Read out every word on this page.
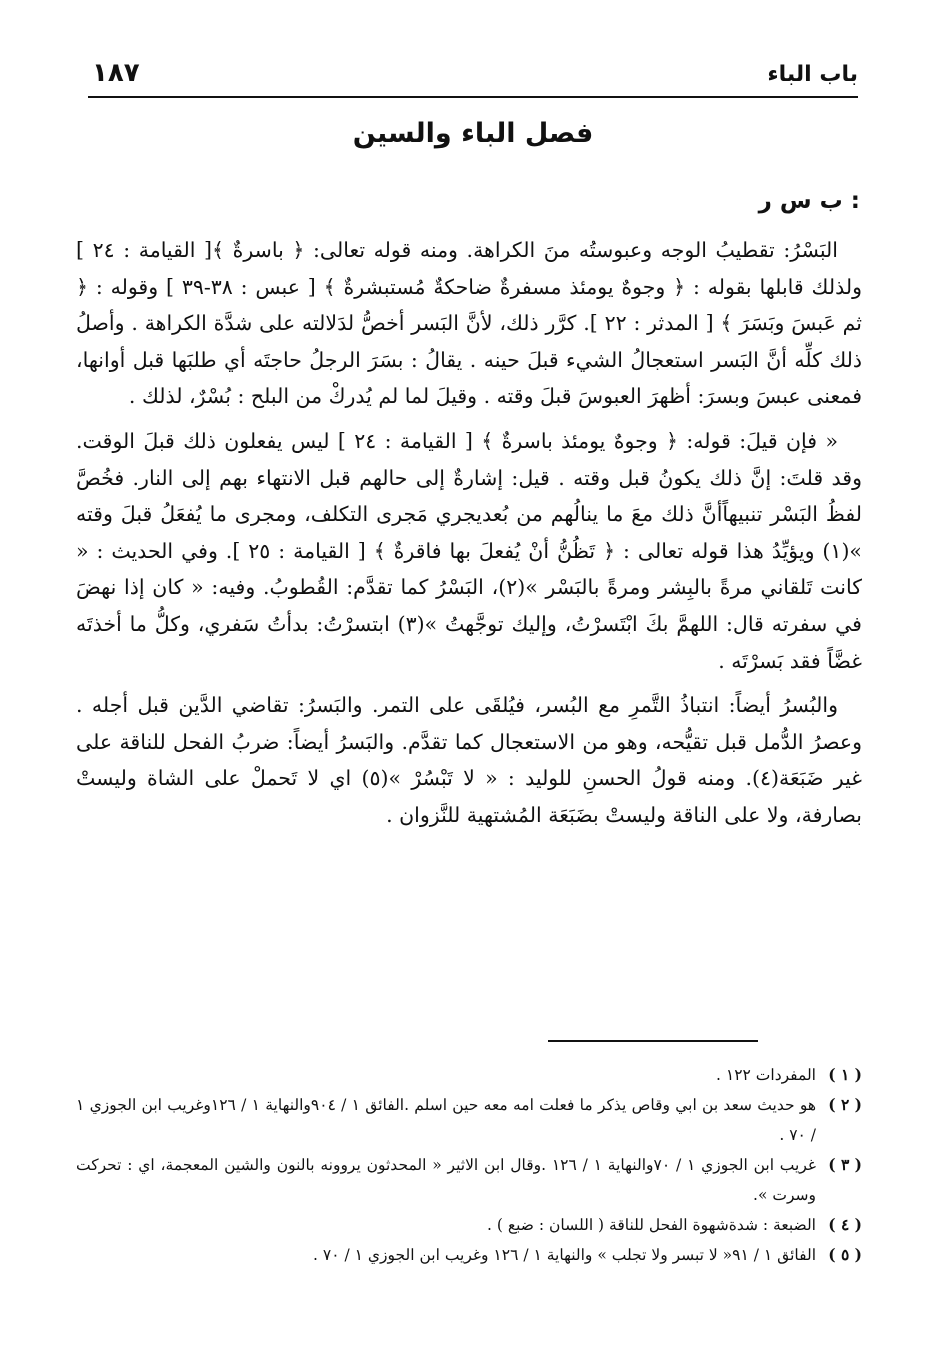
١٨٧	باب الباء
فصل الباء والسين
ب س ر :

البَسْرُ: تقطيبُ الوجه وعبوستُه منَ الكراهة. ومنه قوله تعالى: ﴿ باسرةٌ ﴾[ القيامة : ٢٤ ] ولذلك قابلها بقوله : ﴿ وجوهٌ يومئذ مسفرةٌ ضاحكةٌ مُستبشرةٌ ﴾ [ عبس : ٣٨-٣٩ ] وقوله : ﴿ ثم عَبسَ وبَسَرَ ﴾ [ المدثر : ٢٢ ]. كرَّر ذلك، لأنَّ البَسر أخصُّ لدَلالته على شدَّة الكراهة . وأصلُ ذلك كلِّه أنَّ البَسر استعجالُ الشيء قبلَ حينه . يقالُ : بسَرَ الرجلُ حاجتَه أي طلبَها قبل أوانها، فمعنى عبسَ وبسرَ: أظهرَ العبوسَ قبلَ وقته . وقيلَ لما لم يُدركْ من البلح : بُسْرٌ، لذلك .

« فإن قيلَ: قوله: ﴿ وجوهٌ يومئذ باسرةٌ ﴾ [ القيامة : ٢٤ ] ليس يفعلون ذلك قبلَ الوقت. وقد قلتَ: إنَّ ذلك يكونُ قبل وقته . قيل: إشارةٌ إلى حالهم قبل الانتهاء بهم إلى النار. فخُصَّ لفظُ البَسْر تنبيهاًأنَّ ذلك معَ ما ينالُهم من بُعديجري مَجرى التكلف، ومجرى ما يُفعَلُ قبلَ وقته »(١) ويؤيِّدُ هذا قوله تعالى : ﴿ تَظُنُّ أنْ يُفعلَ بها فاقرةٌ ﴾ [ القيامة : ٢٥ ]. وفي الحديث : « كانت تَلقاني مرةً بالبِشر ومرةً بالبَسْر »(٢)، البَسْرُ كما تقدَّم: القُطوبُ. وفيه: « كان إذا نهضَ في سفرته قال: اللهمَّ بكَ ابْتَسرْتُ، وإليك توجَّهتُ »(٣) ابتسرْتُ: بدأتُ سَفري، وكلُّ ما أخذتَه غضَّاً فقد بَسرْتَه .

والبُسرُ أيضاً: انتباذُ التَّمرِ مع البُسر، فيُلقَى على التمر. والبَسرُ: تقاضي الدَّين قبل أجله . وعصرُ الدُّمل قبل تقيُّحه، وهو من الاستعجال كما تقدَّم. والبَسرُ أيضاً: ضربُ الفحل للناقة على غير ضَبَعَة(٤). ومنه قولُ الحسنِ للوليد : « لا تَبْسُرْ »(٥) اي لا تَحملْ على الشاة وليستْ بصارفة، ولا على الناقة وليستْ بضَبَعَة المُشتهية للنَّزوان .

( ١ )
المفردات ١٢٢ .
( ٢ )
هو حديث سعد بن ابي وقاص يذكر ما فعلت امه معه حين اسلم .الفائق ١ / ٩٠٤والنهاية ١ / ١٢٦وغريب ابن الجوزي ١ / ٧٠ .
( ٣ )
غريب ابن الجوزي ١ / ٧٠والنهاية ١ / ١٢٦ .وقال ابن الاثير « المحدثون يروونه بالنون والشين المعجمة، اي : تحركت وسرت ».
( ٤ )
الضبعة : شدةشهوة الفحل للناقة ( اللسان : ضبع ) .
( ٥ )
الفائق ١ / ٩١« لا تبسر ولا تجلب » والنهاية ١ / ١٢٦ وغريب ابن الجوزي ١ / ٧٠ .
